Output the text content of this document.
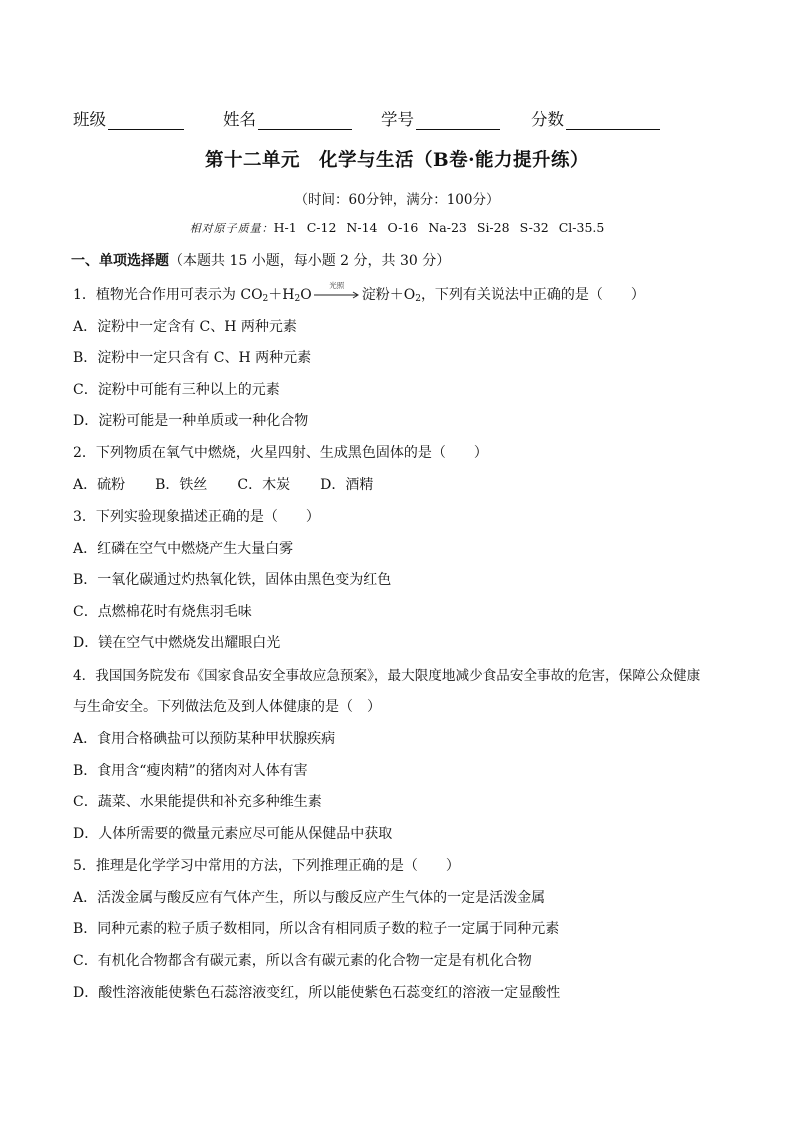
班级	姓名	学号	分数
第十二单元　化学与生活（B卷·能力提升练）
（时间：60分钟，满分：100分）
相对原子质量：H-1 C-12 N-14 O-16 Na-23 Si-28 S-32 Cl-35.5
一、单项选择题（本题共 15 小题，每小题 2 分，共 30 分）
1．植物光合作用可表示为 $CO_2+H_2O$
光照
淀粉$+O_2$，下列有关说法中正确的是（　　）
A．淀粉中一定含有 C、H 两种元素
B．淀粉中一定只含有 C、H 两种元素
C．淀粉中可能有三种以上的元素
D．淀粉可能是一种单质或一种化合物
2．下列物质在氧气中燃烧，火星四射、生成黑色固体的是（　　）
A．硫粉 B．铁丝 C．木炭 D．酒精
3．下列实验现象描述正确的是（　　）
A．红磷在空气中燃烧产生大量白雾
B．一氧化碳通过灼热氧化铁，固体由黑色变为红色
C．点燃棉花时有烧焦羽毛味
D．镁在空气中燃烧发出耀眼白光
4．我国国务院发布《国家食品安全事故应急预案》，最大限度地减少食品安全事故的危害，保障公众健康
与生命安全。下列做法危及到人体健康的是（　）
A．食用合格碘盐可以预防某种甲状腺疾病
B．食用含“瘦肉精”的猪肉对人体有害
C．蔬菜、水果能提供和补充多种维生素
D．人体所需要的微量元素应尽可能从保健品中获取
5．推理是化学学习中常用的方法，下列推理正确的是（　　）
A．活泼金属与酸反应有气体产生，所以与酸反应产生气体的一定是活泼金属
B．同种元素的粒子质子数相同，所以含有相同质子数的粒子一定属于同种元素
C．有机化合物都含有碳元素，所以含有碳元素的化合物一定是有机化合物
D．酸性溶液能使紫色石蕊溶液变红，所以能使紫色石蕊变红的溶液一定显酸性
